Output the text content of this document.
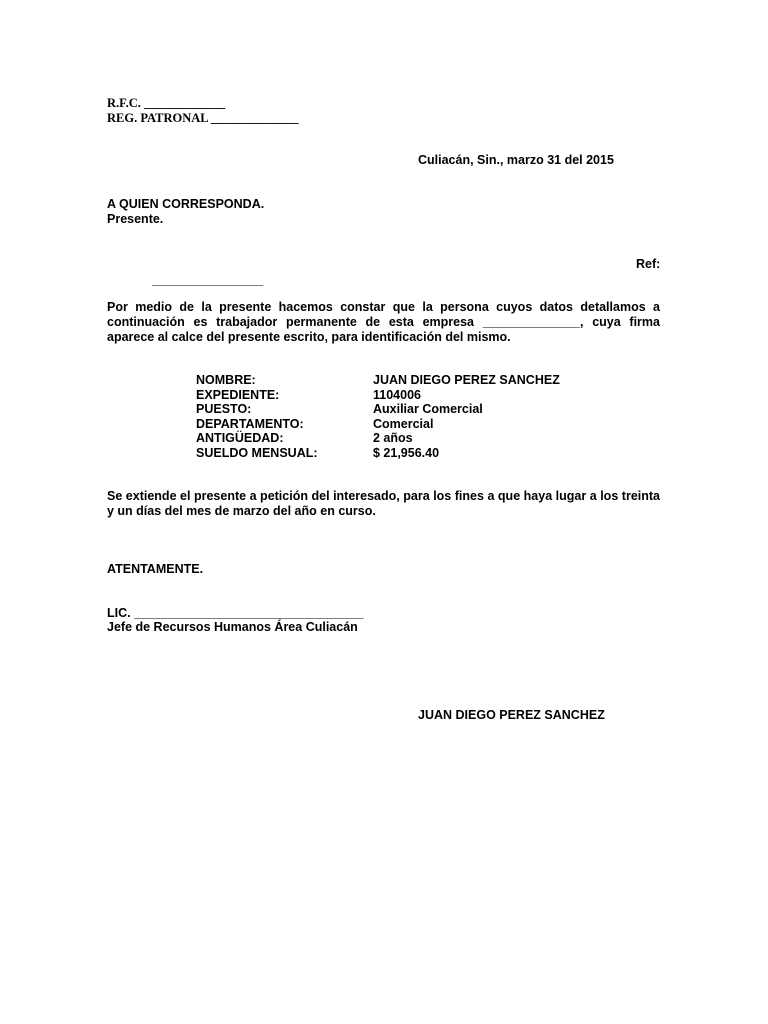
R.F.C. _____________
REG. PATRONAL ______________
Culiacán, Sin., marzo 31 del 2015
A QUIEN CORRESPONDA.
Presente.
Ref:
________________
Por medio de la presente hacemos constar que la persona cuyos datos detallamos a continuación es trabajador permanente de esta empresa ______________, cuya firma aparece al calce del presente escrito, para identificación del mismo.
NOMBRE:	JUAN DIEGO PEREZ SANCHEZ
EXPEDIENTE:	1104006
PUESTO:	Auxiliar Comercial
DEPARTAMENTO:	Comercial
ANTIGÜEDAD:	2 años
SUELDO MENSUAL:	$ 21,956.40
Se extiende el presente a petición del interesado, para los fines a que haya lugar a los treinta y un días del mes de marzo del año en curso.
ATENTAMENTE.
LIC. _________________________________
Jefe de Recursos Humanos Área Culiacán
JUAN DIEGO PEREZ SANCHEZ
